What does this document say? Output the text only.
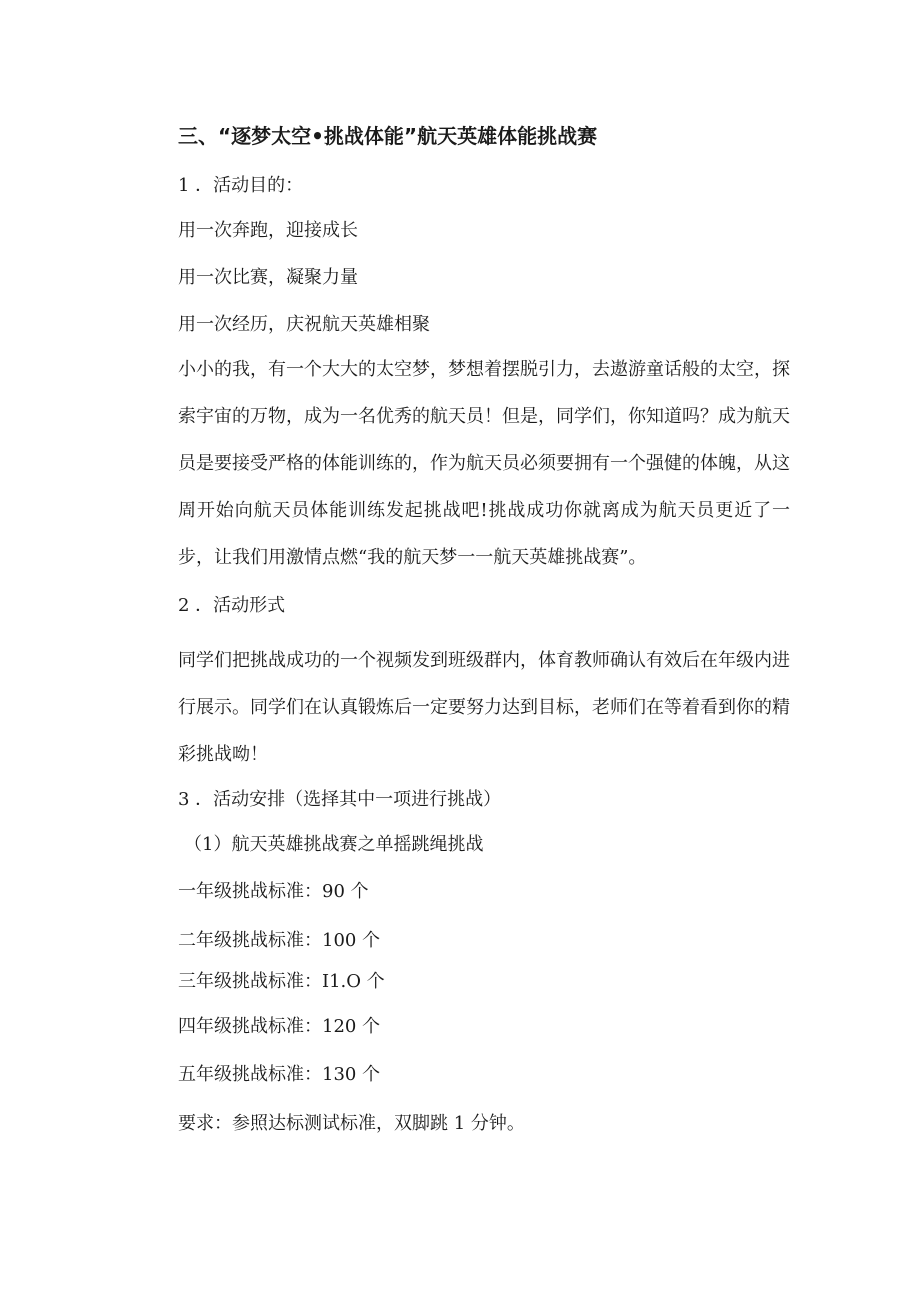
三、“逐梦太空•挑战体能”航天英雄体能挑战赛
1 ．活动目的：
用一次奔跑，迎接成长
用一次比赛，凝聚力量
用一次经历，庆祝航天英雄相聚

小小的我，有一个大大的太空梦，梦想着摆脱引力，去遨游童话般的太空，探索宇宙的万物，成为一名优秀的航天员！但是，同学们，你知道吗？成为航天员是要接受严格的体能训练的，作为航天员必须要拥有一个强健的体魄，从这周开始向航天员体能训练发起挑战吧!挑战成功你就离成为航天员更近了一步，让我们用激情点燃“我的航天梦一一航天英雄挑战赛”。

2 ．活动形式

同学们把挑战成功的一个视频发到班级群内，体育教师确认有效后在年级内进行展示。同学们在认真锻炼后一定要努力达到目标，老师们在等着看到你的精彩挑战呦！

3 ．活动安排（选择其中一项进行挑战）
（1）航天英雄挑战赛之单摇跳绳挑战
一年级挑战标准：90 个
二年级挑战标准：100 个
三年级挑战标准：I1.O 个
四年级挑战标准：120 个
五年级挑战标准：130 个
要求：参照达标测试标准，双脚跳 1 分钟。
